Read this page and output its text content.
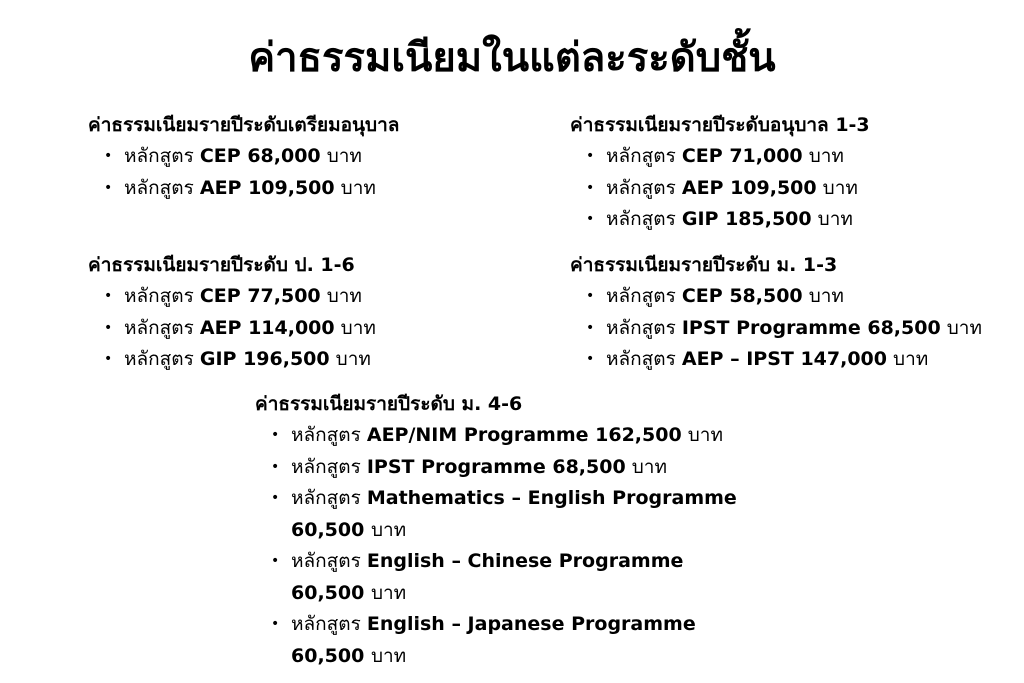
ค่าธรรมเนียมในแต่ละระดับชั้น
ค่าธรรมเนียมรายปีระดับเตรียมอนุบาล
• หลักสูตร CEP 68,000 บาท
• หลักสูตร AEP 109,500 บาท
ค่าธรรมเนียมรายปีระดับอนุบาล 1-3
• หลักสูตร CEP 71,000 บาท
• หลักสูตร AEP 109,500 บาท
• หลักสูตร GIP 185,500 บาท
ค่าธรรมเนียมรายปีระดับ ป. 1-6
• หลักสูตร CEP 77,500 บาท
• หลักสูตร AEP 114,000 บาท
• หลักสูตร GIP 196,500 บาท
ค่าธรรมเนียมรายปีระดับ ม. 1-3
• หลักสูตร CEP 58,500 บาท
• หลักสูตร IPST Programme 68,500 บาท
• หลักสูตร AEP – IPST 147,000 บาท
ค่าธรรมเนียมรายปีระดับ ม. 4-6
• หลักสูตร AEP/NIM Programme 162,500 บาท
• หลักสูตร IPST Programme 68,500 บาท
• หลักสูตร Mathematics – English Programme
60,500 บาท
• หลักสูตร English – Chinese Programme
60,500 บาท
• หลักสูตร English – Japanese Programme
60,500 บาท
